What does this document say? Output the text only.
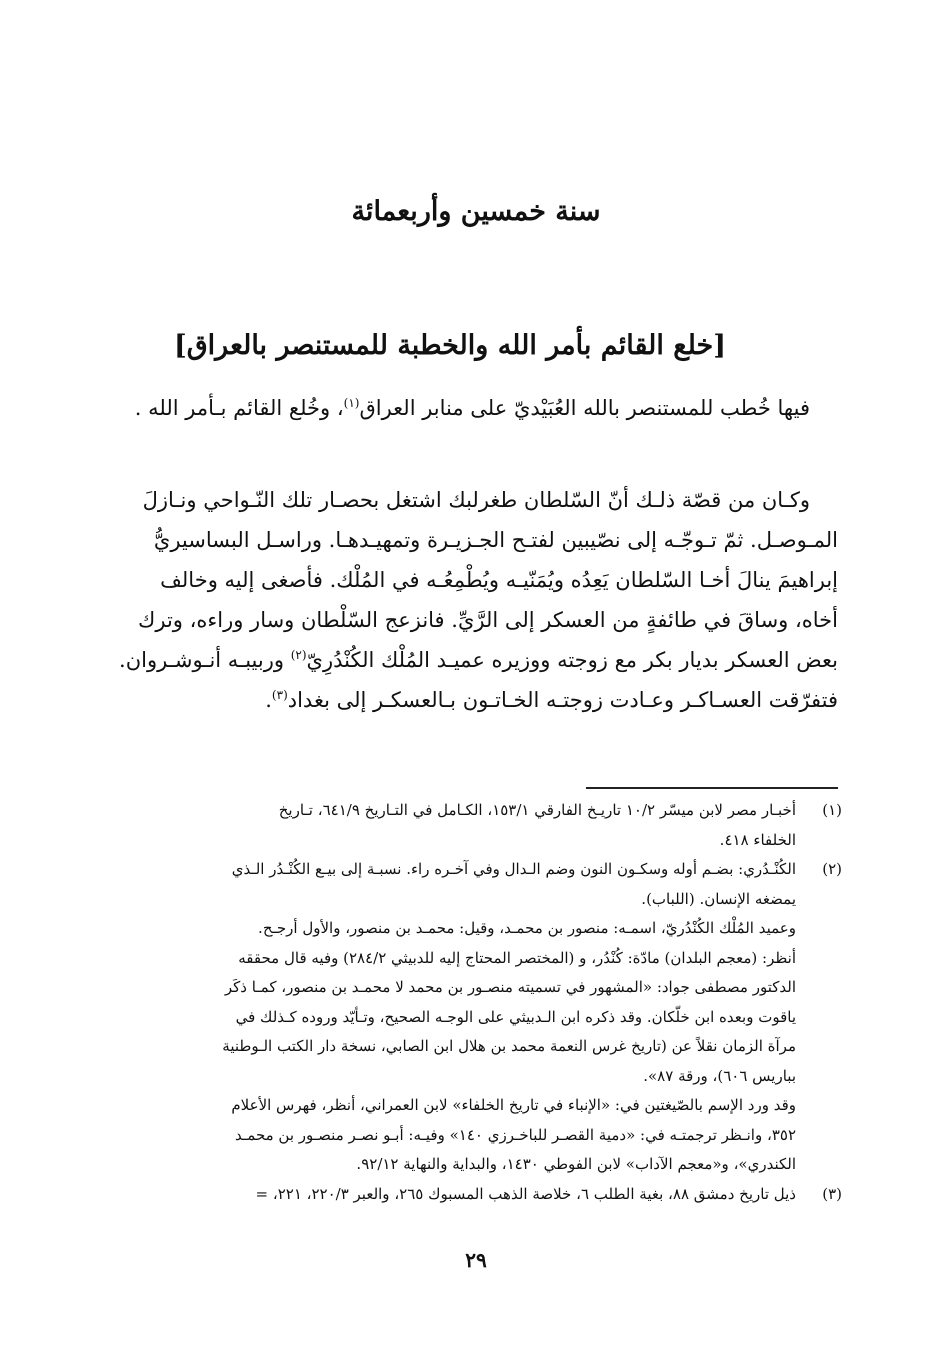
سنة خمسين وأربعمائة
[خلع القائم بأمر الله والخطبة للمستنصر بالعراق]

فيها خُطب للمستنصر بالله العُبَيْديّ على منابر العراق$^{(١)}$، وخُلع القائم بـأمر الله .

وكـان من قصّة ذلـك أنّ السّلطان طغرلبك اشتغل بحصـار تلك النّـواحي ونـازلَ المـوصـل. ثمّ تـوجّـه إلى نصّيبين لفتـح الجـزيـرة وتمهيـدهـا. وراسـل البساسيريُّ إبراهيمَ ينالَ أخـا السّلطان يَعِدُه ويُمَنّيـه ويُطْمِعُـه في المُلْك. فأصغى إليه وخالف أخاه، وساقَ في طائفةٍ من العسكر إلى الرَّيِّ. فانزعج السّلْطان وسار وراءه، وترك بعض العسكر بديار بكر مع زوجته ووزيره عميـد المُلْك الكُنْدُرِيّ$^{(٢)}$ وربيبـه أنـوشـروان. فتفرّقت العسـاكـر وعـادت زوجتـه الخـاتـون بـالعسكـر إلى بغداد$^{(٣)}$.

(١)
أخبـار مصر لابن ميسّر ١٠/٢ تاريـخ الفارقي ١٥٣/١، الكـامل في التـاريخ ٦٤١/٩، تـاريخ
الخلفاء ٤١٨.
(٢)
الكُنْـدُري: بضـم أوله وسكـون النون وضم الـدال وفي آخـره راء. نسبـة إلى بيـع الكُنْـدُر الـذي
يمضغه الإنسان. (اللباب).
وعميد المُلْك الكُنْدُريّ، اسمـه: منصور بن محمـد، وقيل: محمـد بن منصور، والأول أرجـح.
أنظر: (معجم البلدان) مادّة: كُنْدُر، و (المختصر المحتاج إليه للدبيثي ٢٨٤/٢) وفيه قال محققه
الدكتور مصطفى جواد: «المشهور في تسميته منصـور بن محمد لا محمـد بن منصور، كمـا ذكَر
ياقوت وبعده ابن خلّكان. وقد ذكره ابن الـدبيثي على الوجـه الصحيح، وتـأيّد وروده كـذلك في
مرآة الزمان نقلاً عن (تاريخ غرس النعمة محمد بن هلال ابن الصابي، نسخة دار الكتب الـوطنية
بباريس ٦٠٦)، ورقة ٨٧».
وقد ورد الإسم بالصّيغتين في: «الإنباء في تاريخ الخلفاء» لابن العمراني، أنظر، فهرس الأعلام
٣٥٢، وانـظر ترجمتـه في: «دمية القصـر للباخـرزي ١٤٠» وفيـه: أبـو نصـر منصـور بن محمـد
الكندري»، و«معجم الآداب» لابن الفوطي ١٤٣٠، والبداية والنهاية ٩٢/١٢.
(٣)
ذيل تاريخ دمشق ٨٨، بغية الطلب ٦، خلاصة الذهب المسبوك ٢٦٥، والعبر ٢٢٠/٣، ٢٢١، =
٢٩
